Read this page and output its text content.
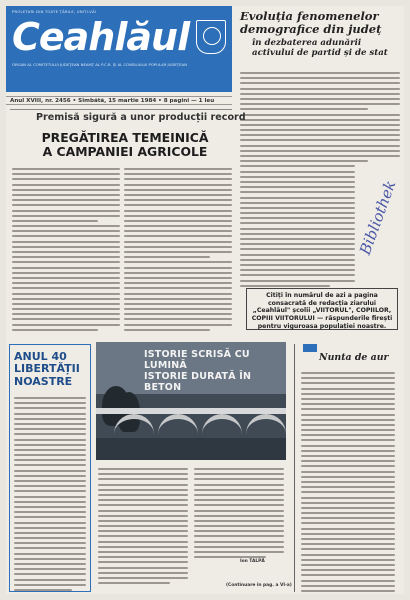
PROLETARI DIN TOATE ȚĂRILE, UNIȚI-VĂ!
Ceahlăul
ORGAN AL COMITETULUI JUDEȚEAN NEAMȚ AL P.C.R. ȘI AL CONSILIULUI POPULAR JUDEȚEAN
Anul XVIII, nr. 2456 • Sîmbătă, 15 martie 1984 • 8 pagini — 1 leu
Evoluția fenomenelor demografice din județ
în dezbaterea adunării activului de partid și de stat
Premisă sigură a unor producții record
PREGĂTIREA TEMEINICĂ A CAMPANIEI AGRICOLE
Bibliothek
Citiți în numărul de azi a pagina consacrată de redacția ziarului „Ceahlăul" școlii „VIITORUL", COPIILOR, COPIII VIITORULUI — răspunderile firești pentru viguroasa populației noastre.
ANUL 40
LIBERTĂȚII
NOASTRE
ISTORIE SCRISĂ CU LUMINĂ
ISTORIE DURATĂ ÎN BETON
Ion TALPĂ
(Continuare în pag. a VI-a)
Nunta de aur
